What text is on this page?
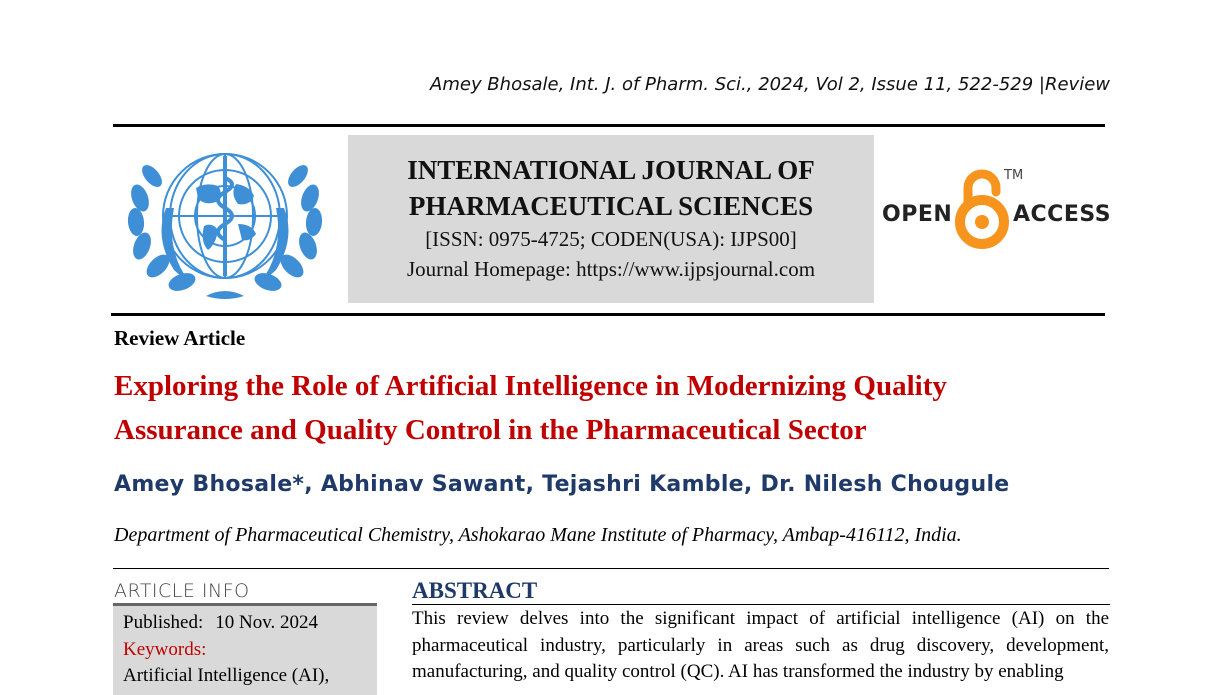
Amey Bhosale, Int. J. of Pharm. Sci., 2024, Vol 2, Issue 11, 522-529 |Review
INTERNATIONAL JOURNAL OF
PHARMACEUTICAL SCIENCES
[ISSN: 0975-4725; CODEN(USA): IJPS00]
Journal Homepage: https://www.ijpsjournal.com
OPEN
TM
ACCESS
Review Article
Exploring the Role of Artificial Intelligence in Modernizing Quality Assurance and Quality Control in the Pharmaceutical Sector
Amey Bhosale*, Abhinav Sawant, Tejashri Kamble, Dr. Nilesh Chougule
Department of Pharmaceutical Chemistry, Ashokarao Mane Institute of Pharmacy, Ambap-416112, India.
ARTICLE INFO
Published: 10 Nov. 2024
Keywords:
Artificial Intelligence (AI),
ABSTRACT
This review delves into the significant impact of artificial intelligence (AI) on the pharmaceutical industry, particularly in areas such as drug discovery, development, manufacturing, and quality control (QC). AI has transformed the industry by enabling
